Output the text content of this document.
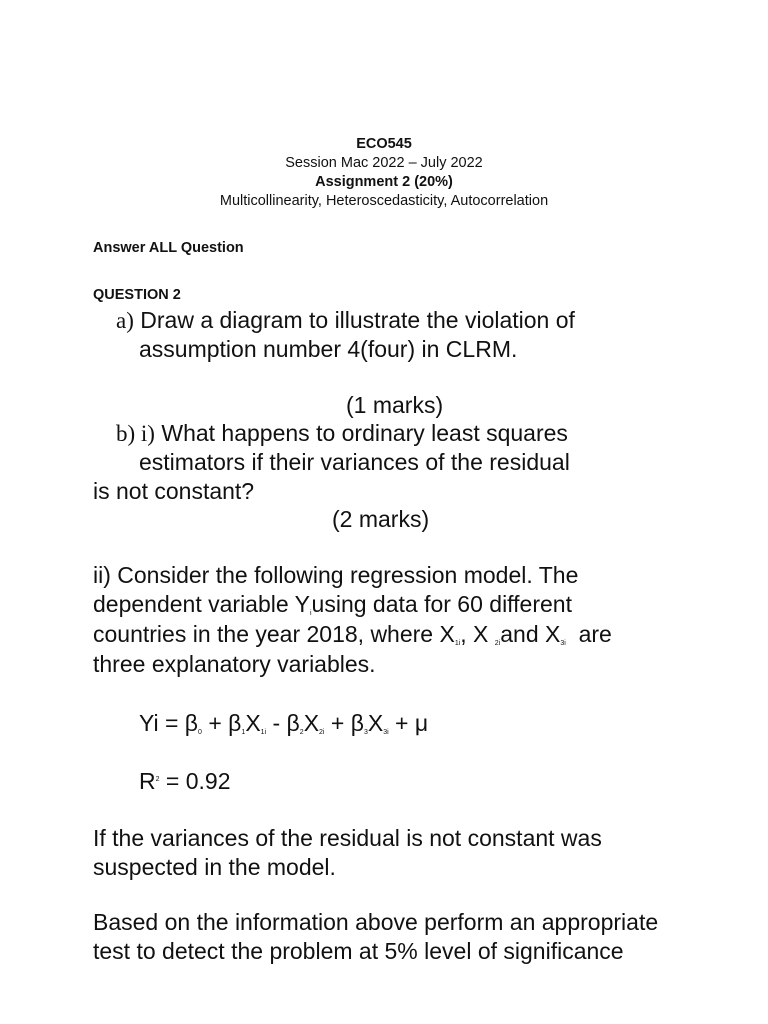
ECO545
Session Mac 2022 – July 2022
Assignment 2 (20%)
Multicollinearity, Heteroscedasticity, Autocorrelation
Answer ALL Question
QUESTION 2
a) Draw a diagram to illustrate the violation of
assumption number 4(four) in CLRM.
(1 marks)
b) i) What happens to ordinary least squares
estimators if their variances of the residual
is not constant?
(2 marks)
ii) Consider the following regression model. The
dependent variable $Y_iusing$ data for 60 different
countries in the year 2018, where $X_{1i}$, X $_{2i}$and $X_{3i}$  are
three explanatory variables.
$Yi = \beta_0 + \beta_1X_{1i} - \beta_2X_{2i} + \beta_3X_{3i} + \mu$
$R^2 = 0.92$
If the variances of the residual is not constant was
suspected in the model.
Based on the information above perform an appropriate
test to detect the problem at 5% level of significance
